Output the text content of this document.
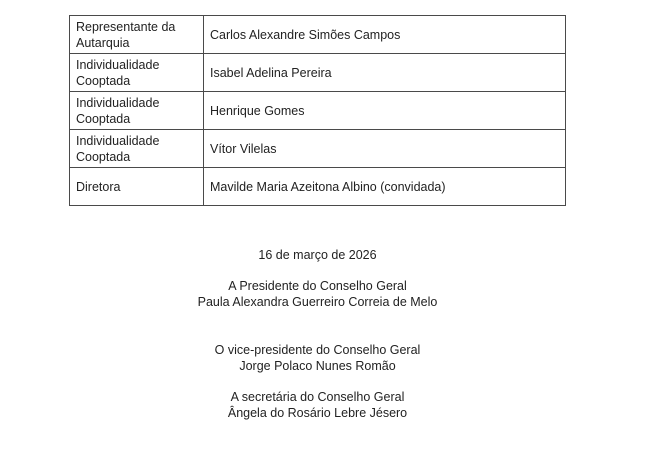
Representante da Autarquia	Carlos Alexandre Simões Campos
Individualidade Cooptada	Isabel Adelina Pereira
Individualidade Cooptada	Henrique Gomes
Individualidade Cooptada	Vítor Vilelas
Diretora	Mavilde Maria Azeitona Albino (convidada)
16 de março de 2026
A Presidente do Conselho Geral
Paula Alexandra Guerreiro Correia de Melo
O vice-presidente do Conselho Geral
Jorge Polaco Nunes Romão
A secretária do Conselho Geral
Ângela do Rosário Lebre Jésero
